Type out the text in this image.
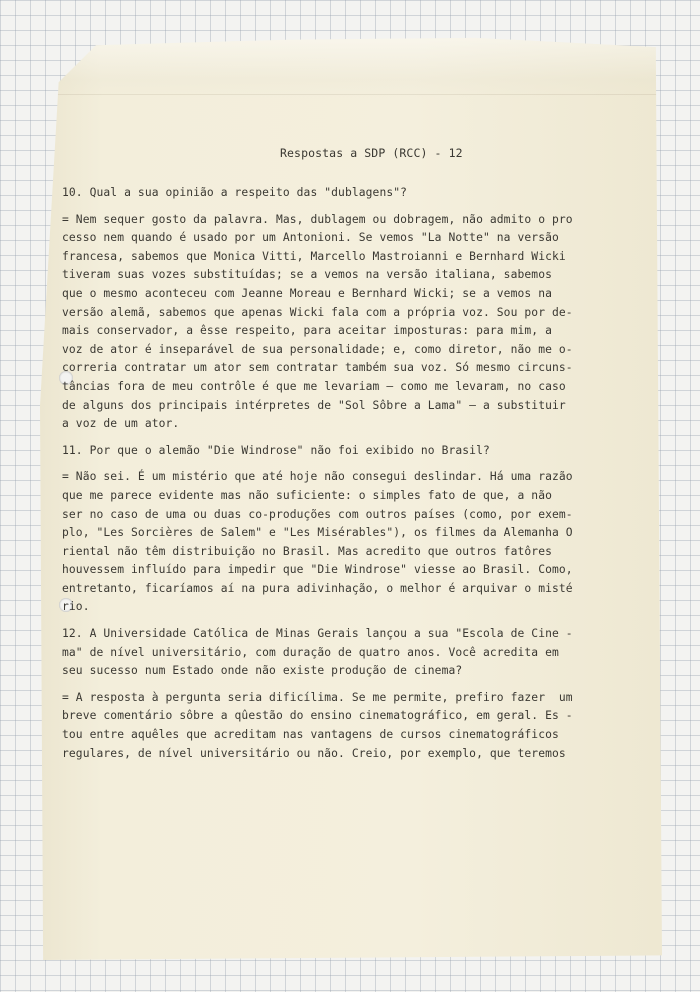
Respostas a SDP (RCC) - 12
10. Qual a sua opinião a respeito das "dublagens"?
= Nem sequer gosto da palavra. Mas, dublagem ou dobragem, não admito o pro
cesso nem quando é usado por um Antonioni. Se vemos "La Notte" na versão
francesa, sabemos que Monica Vitti, Marcello Mastroianni e Bernhard Wicki
tiveram suas vozes substituídas; se a vemos na versão italiana, sabemos
que o mesmo aconteceu com Jeanne Moreau e Bernhard Wicki; se a vemos na
versão alemã, sabemos que apenas Wicki fala com a própria voz. Sou por de-
mais conservador, a êsse respeito, para aceitar imposturas: para mim, a
voz de ator é inseparável de sua personalidade; e, como diretor, não me o-
correria contratar um ator sem contratar também sua voz. Só mesmo circuns-
tâncias fora de meu contrôle é que me levariam — como me levaram, no caso
de alguns dos principais intérpretes de "Sol Sôbre a Lama" — a substituir
a voz de um ator.
11. Por que o alemão "Die Windrose" não foi exibido no Brasil?
= Não sei. É um mistério que até hoje não consegui deslindar. Há uma razão
que me parece evidente mas não suficiente: o simples fato de que, a não
ser no caso de uma ou duas co-produções com outros países (como, por exem-
plo, "Les Sorcières de Salem" e "Les Misérables"), os filmes da Alemanha O
riental não têm distribuição no Brasil. Mas acredito que outros fatôres
houvessem influído para impedir que "Die Windrose" viesse ao Brasil. Como,
entretanto, ficaríamos aí na pura adivinhação, o melhor é arquivar o misté
rio.
12. A Universidade Católica de Minas Gerais lançou a sua "Escola de Cine -
ma" de nível universitário, com duração de quatro anos. Você acredita em
seu sucesso num Estado onde não existe produção de cinema?
= A resposta à pergunta seria dificílima. Se me permite, prefiro fazer  um
breve comentário sôbre a qûestão do ensino cinematográfico, em geral. Es -
tou entre aquêles que acreditam nas vantagens de cursos cinematográficos
regulares, de nível universitário ou não. Creio, por exemplo, que teremos
